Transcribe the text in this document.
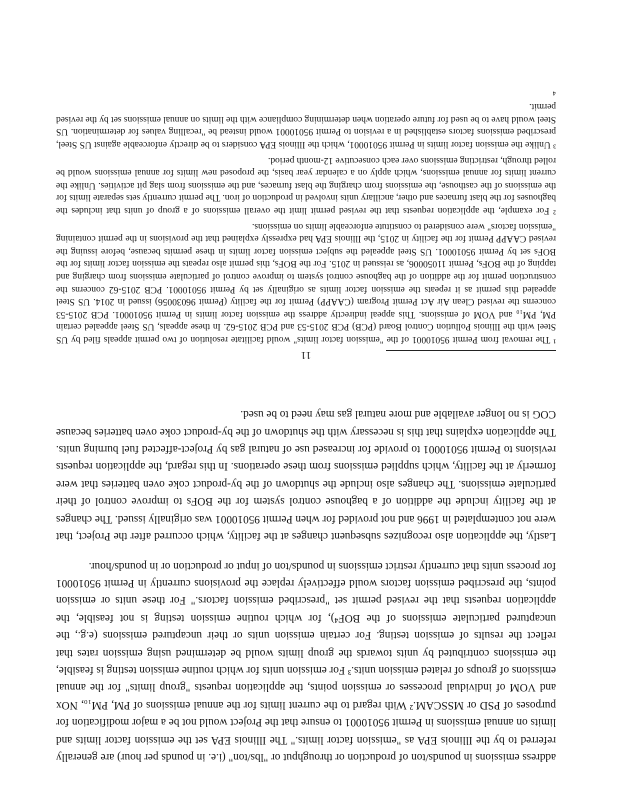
address emissions in pounds/ton of production or throughput or "lbs/ton" (i.e. in pounds per hour) are generally referred to by the Illinois EPA as "emission factor limits." The Illinois EPA set the emission factor limits and limits on annual emissions in Permit 95010001 to ensure that the Project would not be a major modification for purposes of PSD or MSSCAM.² With regard to the current limits for the annual emissions of PM, PM₁₀, NOx and VOM of individual processes or emission points, the application requests "group limits" for the annual emissions of groups of related emission units.³ For emission units for which routine emission testing is feasible, the emissions contributed by units towards the group limits would be determined using emission rates that reflect the results of emission testing. For certain emission units or their uncaptured emissions (e.g., the uncaptured particulate emissions of the BOF⁴), for which routine emission testing is not feasible, the application requests that the revised permit set "prescribed emission factors." For these units or emission points, the prescribed emission factors would effectively replace the provisions currently in Permit 95010001 for process units that currently restrict emissions in pounds/ton of input or production or in pounds/hour.

Lastly, the application also recognizes subsequent changes at the facility, which occurred after the Project, that were not contemplated in 1996 and not provided for when Permit 95010001 was originally issued. The changes at the facility include the addition of a baghouse control system for the BOFs to improve control of their particulate emissions. The changes also include the shutdown of the by-product coke oven batteries that were formerly at the facility, which supplied emissions from these operations. In this regard, the application requests revisions to Permit 95010001 to provide for increased use of natural gas by Project-affected fuel burning units. The application explains that this is necessary with the shutdown of the by-product coke oven batteries because COG is no longer available and more natural gas may need to be used.

11

¹ The removal from Permit 95010001 of the "emission factor limits" would facilitate resolution of two permit appeals filed by US Steel with the Illinois Pollution Control Board (PCB) PCB 2015-53 and PCB 2015-62. In these appeals, US Steel appealed certain PM, PM₁₀ and VOM of emissions. This appeal indirectly address the emission factor limits in Permit 95010001. PCB 2015-53 concerns the revised Clean Air Act Permit Program (CAAPP) Permit for the facility (Permit 96030056) issued in 2014. US Steel appealed this permit as it repeats the emission factor limits as originally set by Permit 95010001. PCB 2015-62 concerns the construction permit for the addition of the baghouse control system to improve control of particulate emissions from charging and tapping of the BOFs, Permit 11050006, as reissued in 2015. For the BOFs, this permit also repeats the emission factor limits for the BOFs set by Permit 95010001. US Steel appealed the subject emission factor limits in these permits because, before issuing the revised CAAPP Permit for the facility in 2015, the Illinois EPA had expressly explained that the provisions in the permit containing "emission factors" were considered to constitute enforceable limits on emissions.

² For example, the application requests that the revised permit limit the overall emissions of a group of units that includes the baghouses for the blast furnaces and other, ancillary units involved in production of iron. The permit currently sets separate limits for the emissions of the casthouse, the emissions from charging the blast furnaces, and the emissions from slag pit activities. Unlike the current limits for annual emissions, which apply on a calendar year basis, the proposed new limits for annual emissions would be rolled through, restricting emissions over each consecutive 12-month period.

³ Unlike the emission factor limits in Permit 95010001, which the Illinois EPA considers to be directly enforceable against US Steel, prescribed emissions factors established in a revision to Permit 95010001 would instead be "recalling values for determination. US Steel would have to be used for future operation when determining compliance with the limits on annual emissions set by the revised permit.

⁴
